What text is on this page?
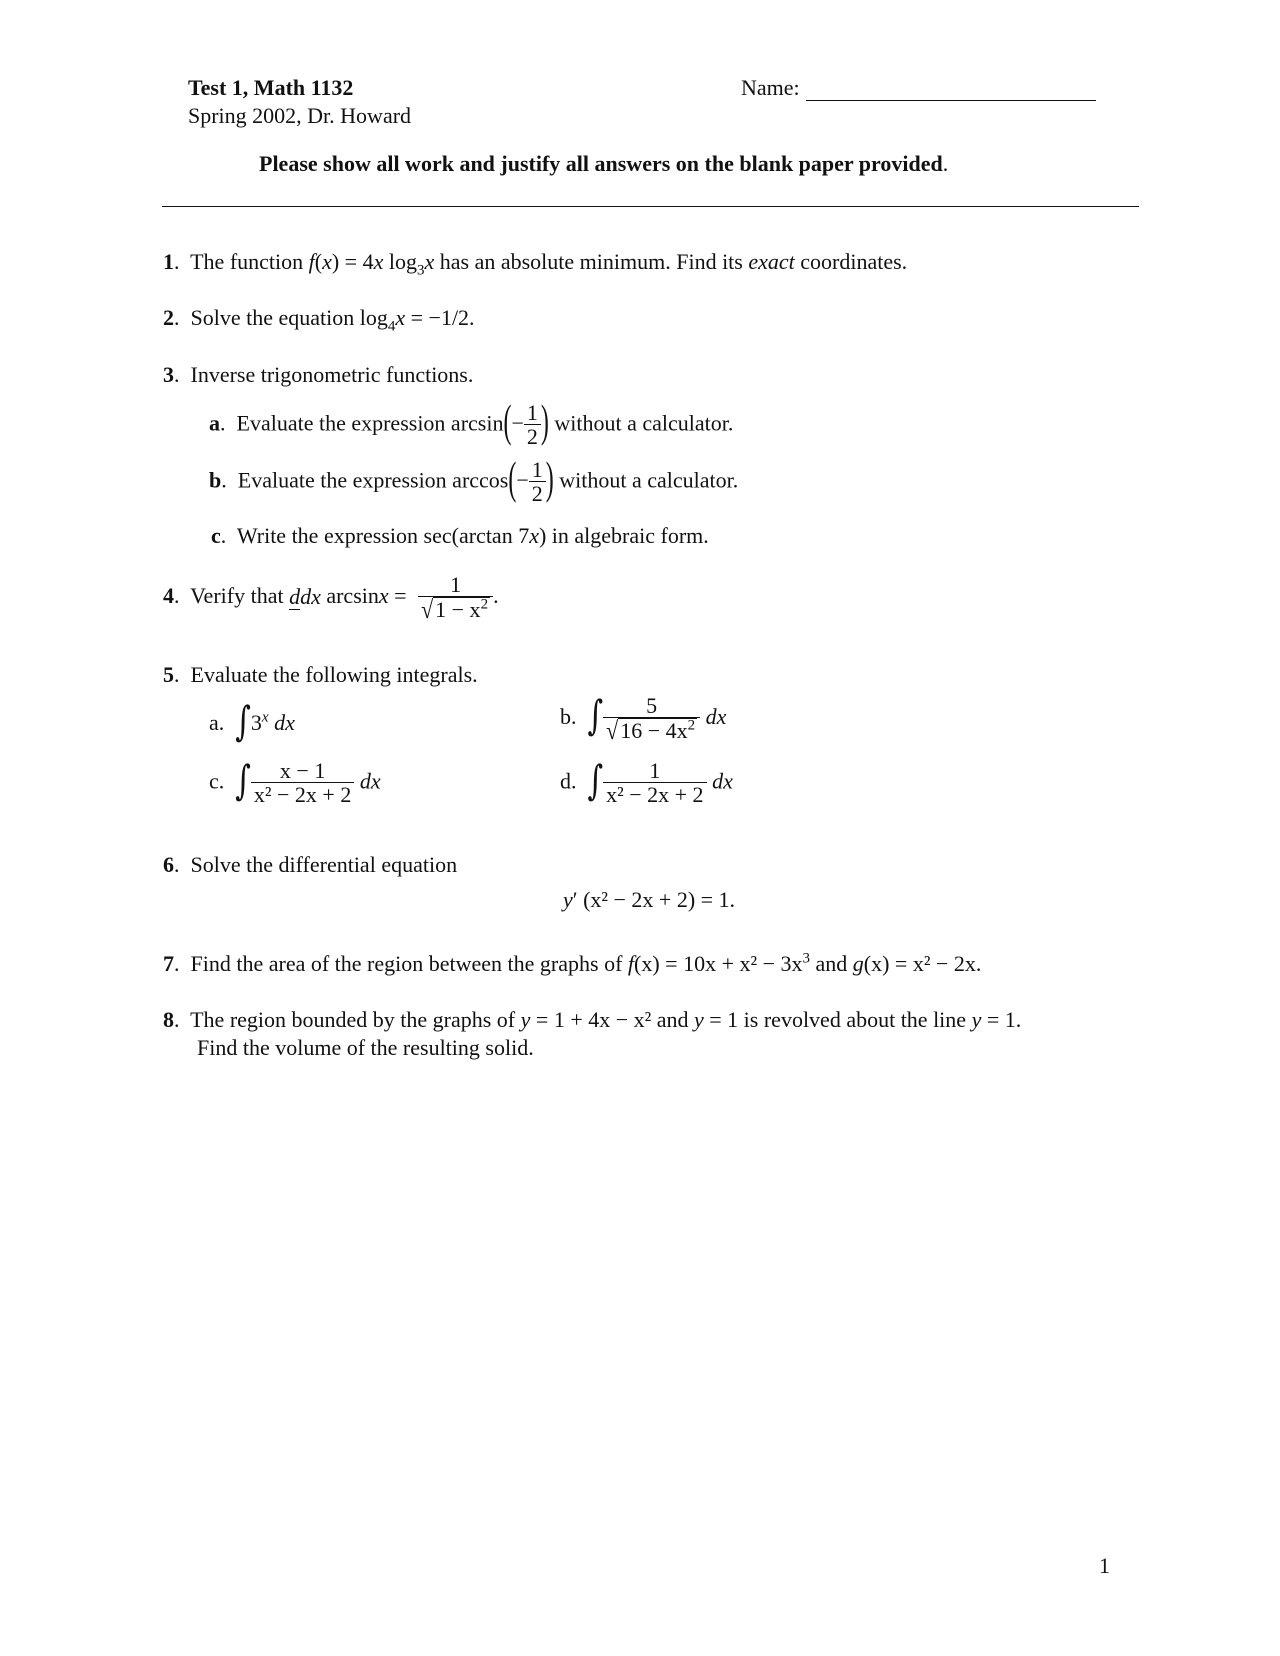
Test 1, Math 1132
Spring 2002, Dr. Howard
Name:
Please show all work and justify all answers on the blank paper provided.
1.  The function f(x) = 4x $\log_3x$ has an absolute minimum. Find its exact coordinates.
2.  Solve the equation $\log_4x = -1/2$.
3.  Inverse trigonometric functions.
a.  Evaluate the expression $\arcsin(- \frac{1}{2}$ ) without a calculator.
b.  Evaluate the expression $\arccos(- \frac{1}{2}$ ) without a calculator.
c.  Write the expression sec(arctan 7x) in algebraic form.
4.  Verify that ddx $\arcsin x = \frac{1}{√1 - x^2}$ .
5.  Evaluate the following integrals.
a. ∫3$^x$ dx	b. ∫ $\frac{5}{√16 - 4x^2}$ dx
c. ∫ $\frac{x - 1}{\text{x² − 2x + 2}}$ dx	d. ∫ $\frac{1}{\text{x² − 2x + 2}}$ dx
6.  Solve the differential equation
y′ (x² − 2x + 2) = 1.
7.  Find the area of the region between the graphs of $f(x) = 10x + x^2 - 3x^3$ and g(x) = x² − 2x.
8.  The region bounded by the graphs of y = 1 + 4x − x² and y = 1 is revolved about the line y = 1.
Find the volume of the resulting solid.
1
